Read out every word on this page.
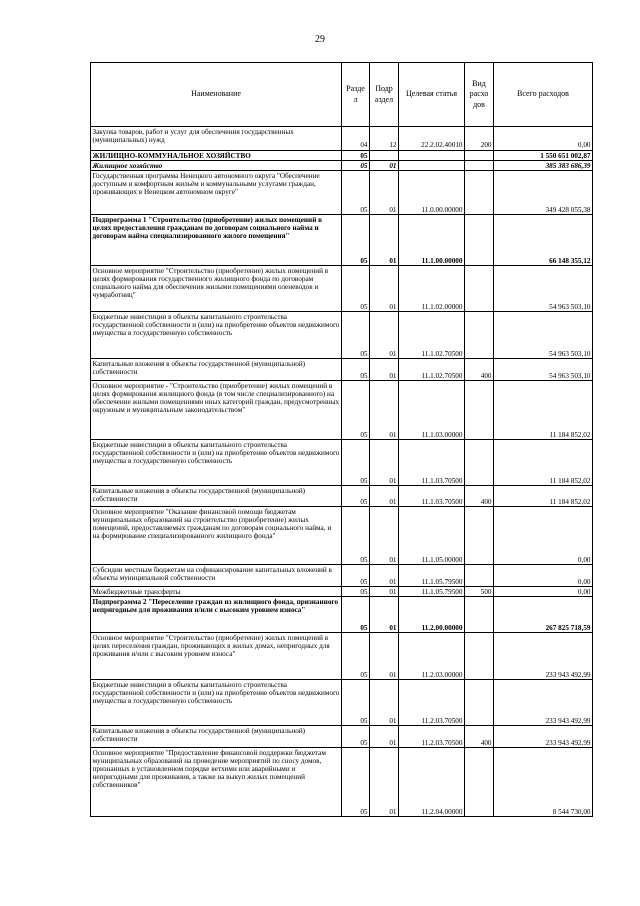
29
Наименование	Разде л	Подр аздел	Целевая статья	Вид расхо дов	Всего расходов
Закупка товаров, работ и услуг для обеспечения государственных (муниципальных) нужд	04	12	22.2.02.40010	200	0,00
ЖИЛИЩНО-КОММУНАЛЬНОЕ ХОЗЯЙСТВО	05				1 550 651 002,87
Жилищное хозяйство	05	01			385 383 686,39
Государственная программа Ненецкого автономного округа "Обеспечение доступным и комфортным жильём и коммунальными услугами граждан, проживающих в Ненецком автономном округе"	05	01	11.0.00.00000		349 428 055,38
Подпрограмма 1 "Строительство (приобретение) жилых помещений в целях предоставления гражданам по договорам социального найма и договорам найма специализированного жилого помещения"	05	01	11.1.00.00000		66 148 355,12
Основное мероприятие "Строительство (приобретение) жилых помещений в целях формирования государственного жилищного фонда по договорам социального найма для обеспечения жилыми помещениями оленеводов и чумработниц"	05	01	11.1.02.00000		54 963 503,10
Бюджетные инвестиции в объекты капитального строительства государственной собственности и (или) на приобретение объектов недвижимого имущества в государственную собственность	05	01	11.1.02.70500		54 963 503,10
Капитальные вложения в объекты государственной (муниципальной) собственности	05	01	11.1.02.70500	400	54 963 503,10
Основное мероприятие - "Строительство (приобретение) жилых помещений в целях формирования жилищного фонда (в том числе специализированного) на обеспечение жилыми помещениями иных категорий граждан, предусмотренных окружным и муниципальным законодательством"	05	01	11.1.03.00000		11 184 852,02
Бюджетные инвестиции в объекты капитального строительства государственной собственности и (или) на приобретение объектов недвижимого имущества в государственную собственность	05	01	11.1.03.70500		11 184 852,02
Капитальные вложения в объекты государственной (муниципальной) собственности	05	01	11.1.03.70500	400	11 184 852,02
Основное мероприятие "Оказание финансовой помощи бюджетам муниципальных образований на строительство (приобретение) жилых помещений, предоставляемых гражданам по договорам социального найма, и на формирование специализированного жилищного фонда"	05	01	11.1.05.00000		0,00
Субсидии местным бюджетам на софинансирование капитальных вложений в объекты муниципальной собственности	05	01	11.1.05.79500		0,00
Межбюджетные трансферты	05	01	11.1.05.79500	500	0,00
Подпрограмма 2 "Переселение граждан из жилищного фонда, признанного непригодным для проживания и/или с высоким уровнем износа"	05	01	11.2.00.00000		267 825 718,59
Основное мероприятие "Строительство (приобретение) жилых помещений в целях переселения граждан, проживающих в жилых домах, непригодных для проживания и/или с высоким уровнем износа"	05	01	11.2.03.00000		233 943 492,99
Бюджетные инвестиции в объекты капитального строительства государственной собственности и (или) на приобретение объектов недвижимого имущества в государственную собственность	05	01	11.2.03.70500		233 943 492,99
Капитальные вложения в объекты государственной (муниципальной) собственности	05	01	11.2.03.70500	400	233 943 492,99
Основное мероприятие "Предоставление финансовой поддержки бюджетам муниципальных образований на проведение мероприятий по сносу домов, признанных в установленном порядке ветхими или аварийными и непригодными для проживания, а также на выкуп жилых помещений собственников"	05	01	11.2.04.00000		8 544 730,00
